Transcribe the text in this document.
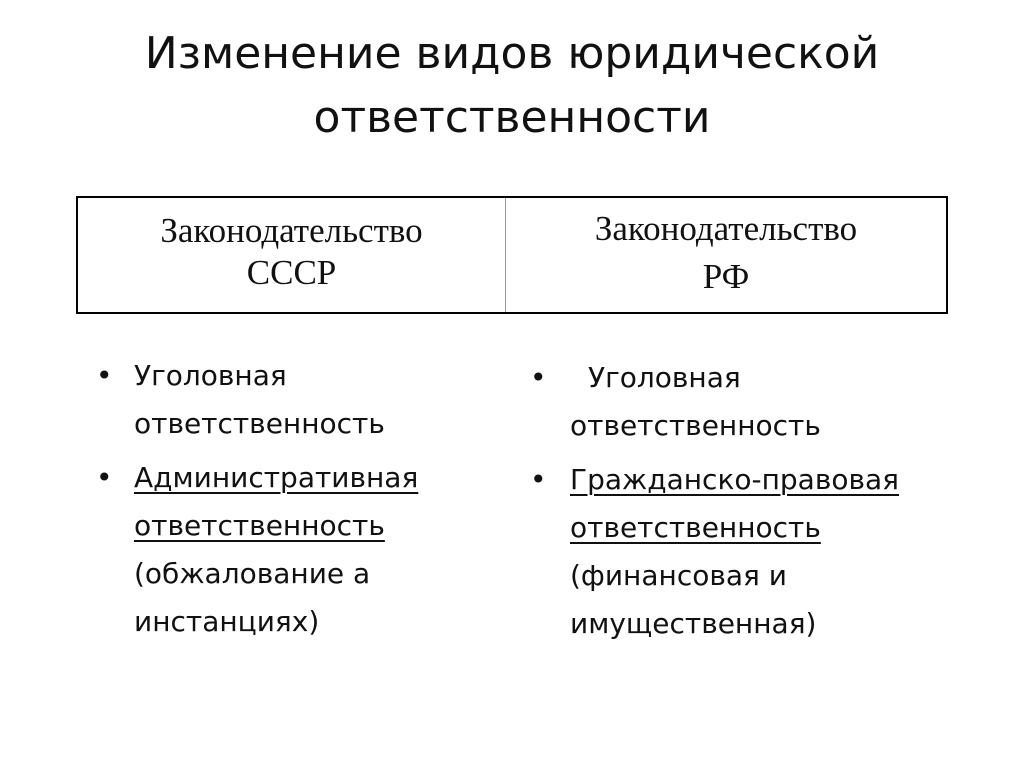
Изменение видов юридической
ответственности
Законодательство
СССР
Законодательство
РФ
• Уголовная ответственность
• Административная ответственность (обжалование а инстанциях)
• Уголовная ответственность
• Гражданско-правовая ответственность (финансовая и имущественная)
